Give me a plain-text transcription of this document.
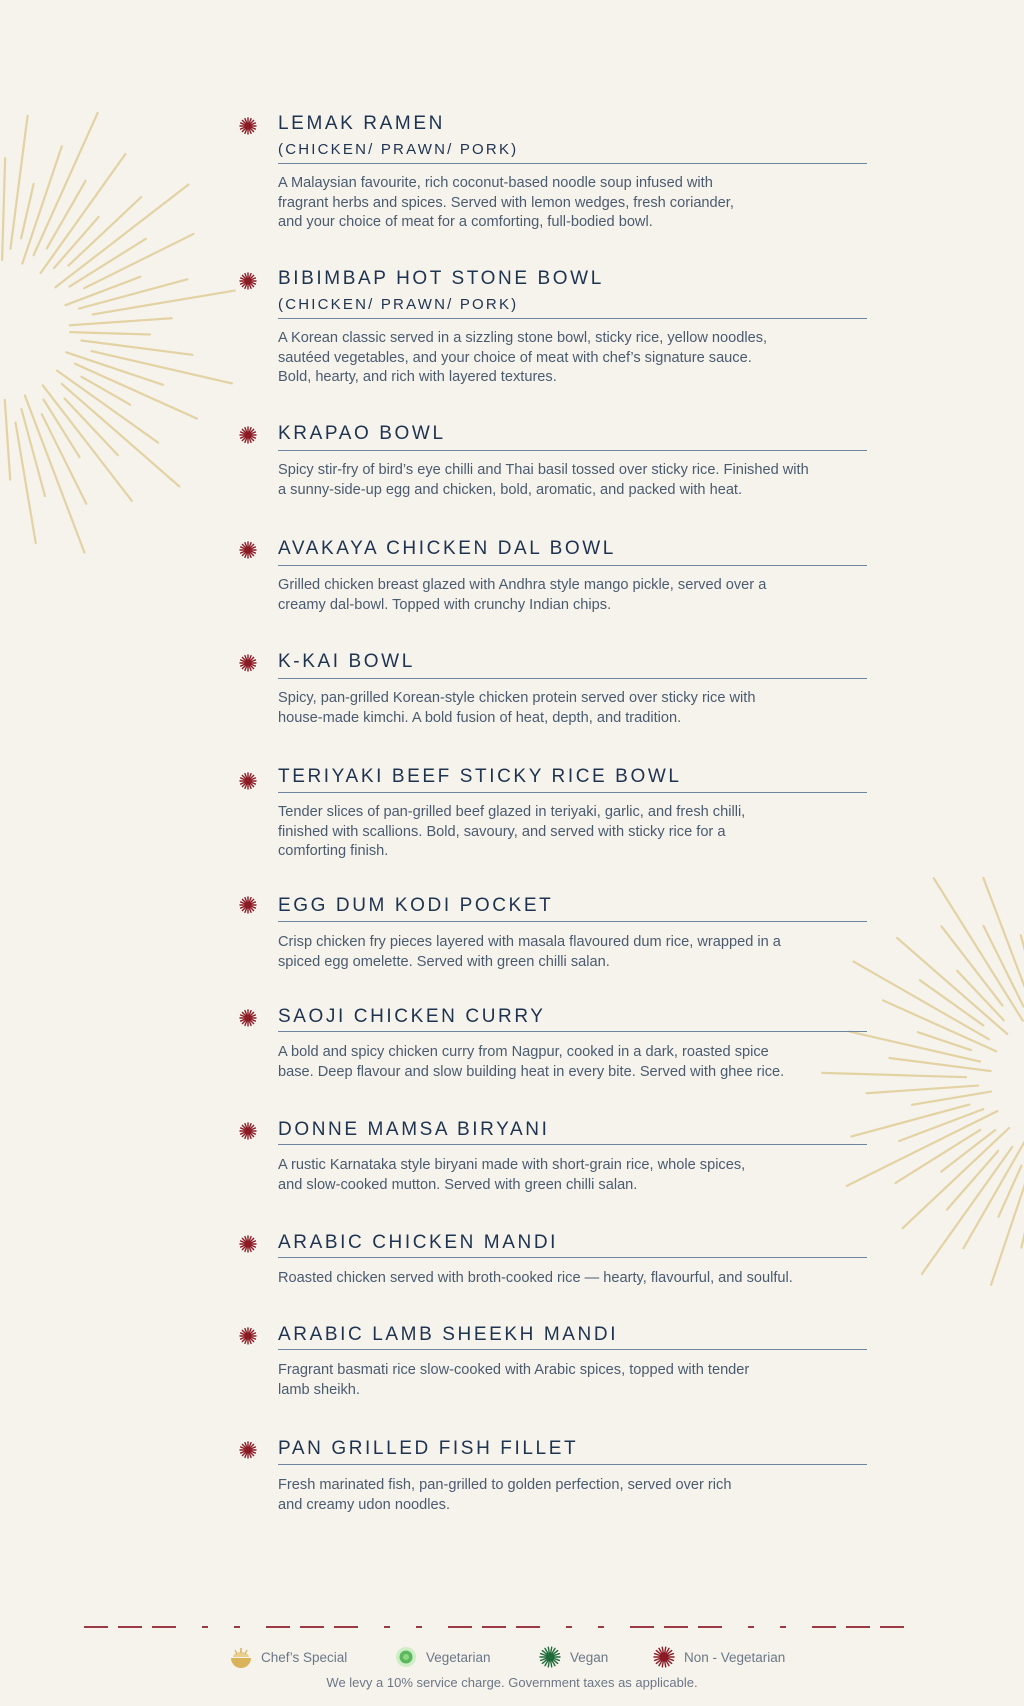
LEMAK RAMEN
(CHICKEN/ PRAWN/ PORK)
A Malaysian favourite, rich coconut-based noodle soup infused with
fragrant herbs and spices. Served with lemon wedges, fresh coriander,
and your choice of meat for a comforting, full-bodied bowl.
BIBIMBAP HOT STONE BOWL
(CHICKEN/ PRAWN/ PORK)
A Korean classic served in a sizzling stone bowl, sticky rice, yellow noodles,
sautéed vegetables, and your choice of meat with chef’s signature sauce.
Bold, hearty, and rich with layered textures.
KRAPAO BOWL
Spicy stir-fry of bird’s eye chilli and Thai basil tossed over sticky rice. Finished with
a sunny-side-up egg and chicken, bold, aromatic, and packed with heat.
AVAKAYA CHICKEN DAL BOWL
Grilled chicken breast glazed with Andhra style mango pickle, served over a
creamy dal-bowl. Topped with crunchy Indian chips.
K-KAI BOWL
Spicy, pan-grilled Korean-style chicken protein served over sticky rice with
house-made kimchi. A bold fusion of heat, depth, and tradition.
TERIYAKI BEEF STICKY RICE BOWL
Tender slices of pan-grilled beef glazed in teriyaki, garlic, and fresh chilli,
finished with scallions. Bold, savoury, and served with sticky rice for a
comforting finish.
EGG DUM KODI POCKET
Crisp chicken fry pieces layered with masala flavoured dum rice, wrapped in a
spiced egg omelette. Served with green chilli salan.
SAOJI CHICKEN CURRY
A bold and spicy chicken curry from Nagpur, cooked in a dark, roasted spice
base. Deep flavour and slow building heat in every bite. Served with ghee rice.
DONNE MAMSA BIRYANI
A rustic Karnataka style biryani made with short-grain rice, whole spices,
and slow-cooked mutton. Served with green chilli salan.
ARABIC CHICKEN MANDI
Roasted chicken served with broth-cooked rice — hearty, flavourful, and soulful.
ARABIC LAMB SHEEKH MANDI
Fragrant basmati rice slow-cooked with Arabic spices, topped with tender
lamb sheikh.
PAN GRILLED FISH FILLET
Fresh marinated fish, pan-grilled to golden perfection, served over rich
and creamy udon noodles.
Chef’s Special	Vegetarian	Vegan	Non - Vegetarian
We levy a 10% service charge. Government taxes as applicable.
